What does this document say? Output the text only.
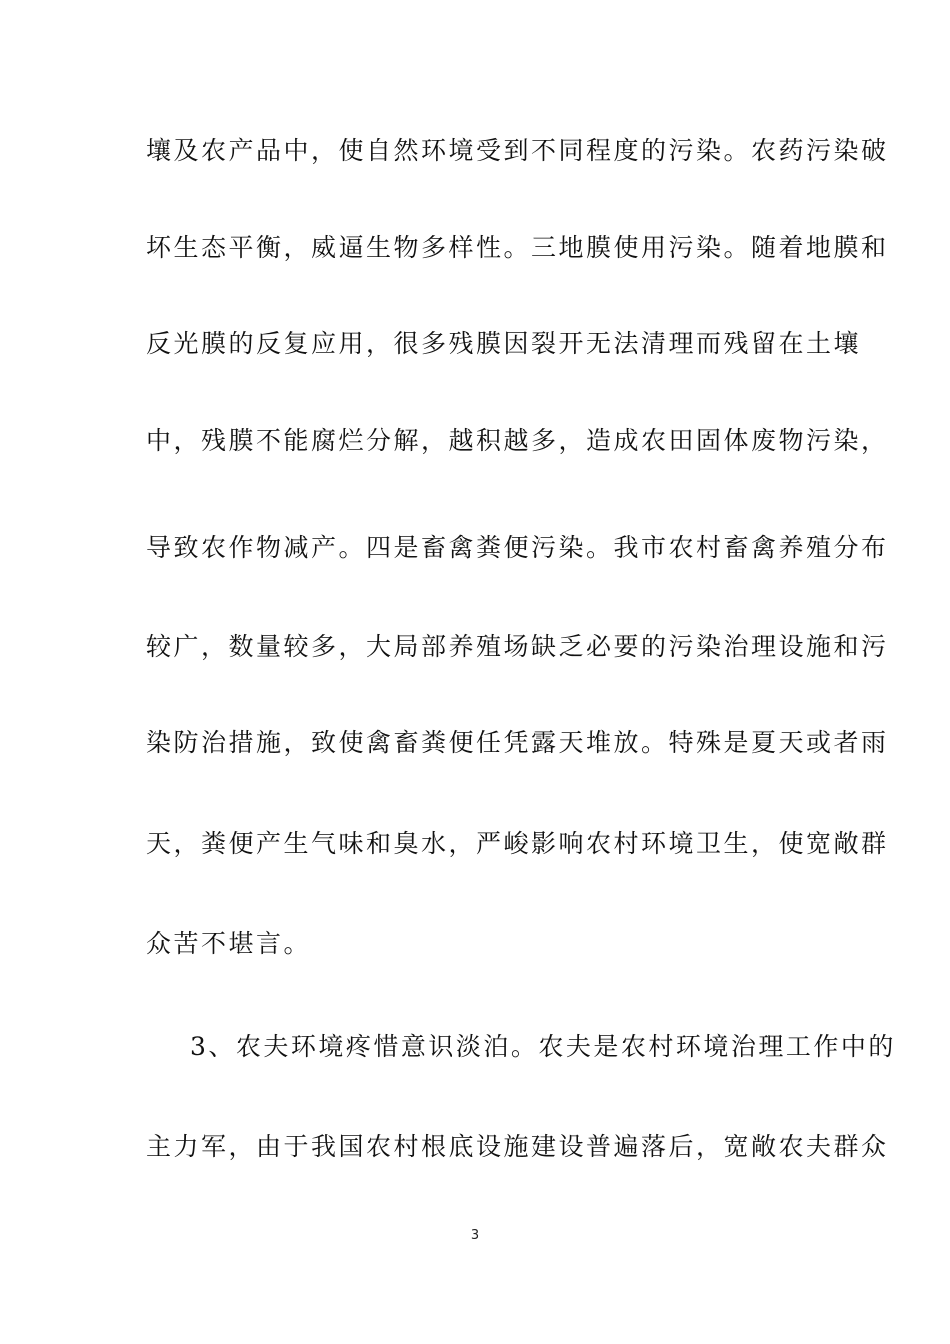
壤及农产品中，使自然环境受到不同程度的污染。农药污染破
坏生态平衡，威逼生物多样性。三地膜使用污染。随着地膜和
反光膜的反复应用，很多残膜因裂开无法清理而残留在土壤
中，残膜不能腐烂分解，越积越多，造成农田固体废物污染，
导致农作物减产。四是畜禽粪便污染。我市农村畜禽养殖分布
较广，数量较多，大局部养殖场缺乏必要的污染治理设施和污
染防治措施，致使禽畜粪便任凭露天堆放。特殊是夏天或者雨
天，粪便产生气味和臭水，严峻影响农村环境卫生，使宽敞群
众苦不堪言。
3、农夫环境疼惜意识淡泊。农夫是农村环境治理工作中的
主力军，由于我国农村根底设施建设普遍落后，宽敞农夫群众
3
